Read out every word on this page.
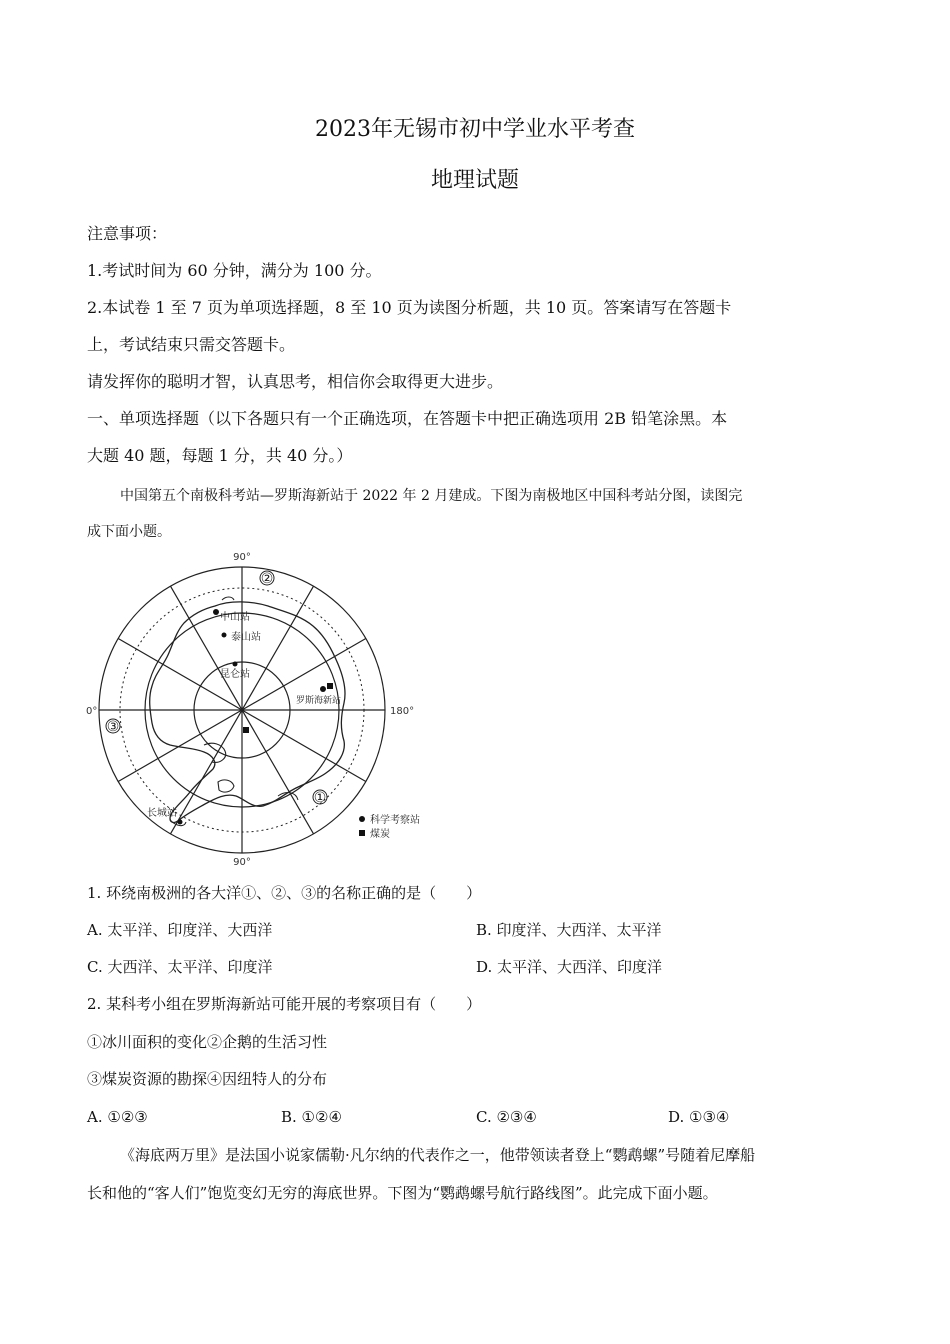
2023年无锡市初中学业水平考查
地理试题
注意事项：
1.考试时间为 60 分钟，满分为 100 分。
2.本试卷 1 至 7 页为单项选择题，8 至 10 页为读图分析题，共 10 页。答案请写在答题卡
上，考试结束只需交答题卡。
请发挥你的聪明才智，认真思考，相信你会取得更大进步。
一、单项选择题（以下各题只有一个正确选项，在答题卡中把正确选项用 2B 铅笔涂黑。本
大题 40 题，每题 1 分，共 40 分。）
中国第五个南极科考站—罗斯海新站于 2022 年 2 月建成。下图为南极地区中国科考站分图，读图完
成下面小题。
②
③
①
90°
90°
0°	180°
中山站
泰山站
昆仑站
罗斯海新站
长城站
科学考察站
煤炭
1. 环绕南极洲的各大洋①、②、③的名称正确的是（　　）
A. 太平洋、印度洋、大西洋	B. 印度洋、大西洋、太平洋
C. 大西洋、太平洋、印度洋	D. 太平洋、大西洋、印度洋
2. 某科考小组在罗斯海新站可能开展的考察项目有（　　）
①冰川面积的变化②企鹅的生活习性
③煤炭资源的勘探④因纽特人的分布
A. ①②③	B. ①②④	C. ②③④	D. ①③④
《海底两万里》是法国小说家儒勒·凡尔纳的代表作之一，他带领读者登上“鹦鹉螺”号随着尼摩船
长和他的“客人们”饱览变幻无穷的海底世界。下图为“鹦鹉螺号航行路线图”。此完成下面小题。
